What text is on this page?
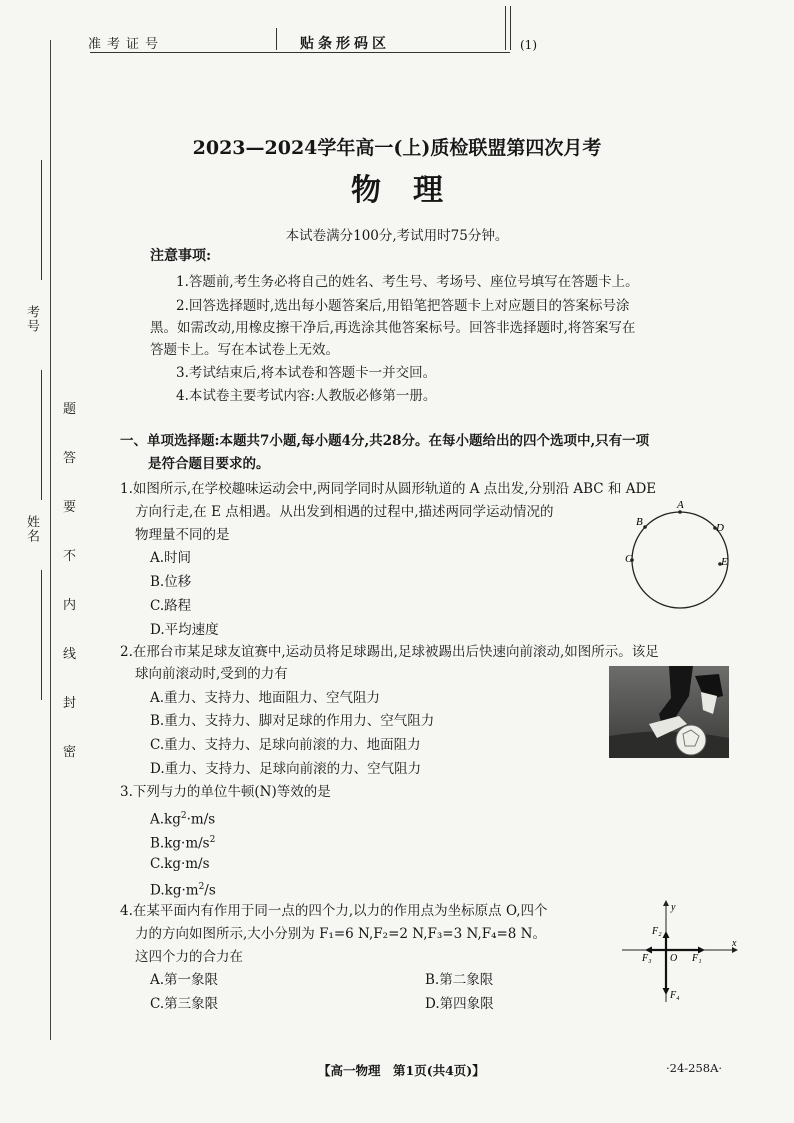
准考证号	贴条形码区	(1)
考号
姓名
题
答
要
不
内
线
封
密
2023—2024学年高一(上)质检联盟第四次月考
物理
本试卷满分100分,考试用时75分钟。
注意事项:
1.答题前,考生务必将自己的姓名、考生号、考场号、座位号填写在答题卡上。
2.回答选择题时,选出每小题答案后,用铅笔把答题卡上对应题目的答案标号涂
黑。如需改动,用橡皮擦干净后,再选涂其他答案标号。回答非选择题时,将答案写在
答题卡上。写在本试卷上无效。
3.考试结束后,将本试卷和答题卡一并交回。
4.本试卷主要考试内容:人教版必修第一册。
一、单项选择题:本题共7小题,每小题4分,共28分。在每小题给出的四个选项中,只有一项
是符合题目要求的。
1.如图所示,在学校趣味运动会中,两同学同时从圆形轨道的 A 点出发,分别沿 ABC 和 ADE
方向行走,在 E 点相遇。从出发到相遇的过程中,描述两同学运动情况的
物理量不同的是
A.时间
B.位移
C.路程
D.平均速度
A
B	D
C	E
2.在邢台市某足球友谊赛中,运动员将足球踢出,足球被踢出后快速向前滚动,如图所示。该足
球向前滚动时,受到的力有
A.重力、支持力、地面阻力、空气阻力
B.重力、支持力、脚对足球的作用力、空气阻力
C.重力、支持力、足球向前滚的力、地面阻力
D.重力、支持力、足球向前滚的力、空气阻力
3.下列与力的单位牛顿(N)等效的是
$A.kg^2\cdot m/s$
$B.kg\cdot m/s^2$
C.kg·m/s
$D.kg\cdot m^2/s$
4.在某平面内有作用于同一点的四个力,以力的作用点为坐标原点 O,四个
力的方向如图所示,大小分别为 F₁=6 N,F₂=2 N,F₃=3 N,F₄=8 N。
这四个力的合力在
A.第一象限	B.第二象限
C.第三象限	D.第四象限
y
x
O F₁
F₂
F₃
F₄
【高一物理　第1页(共4页)】	·24-258A·
